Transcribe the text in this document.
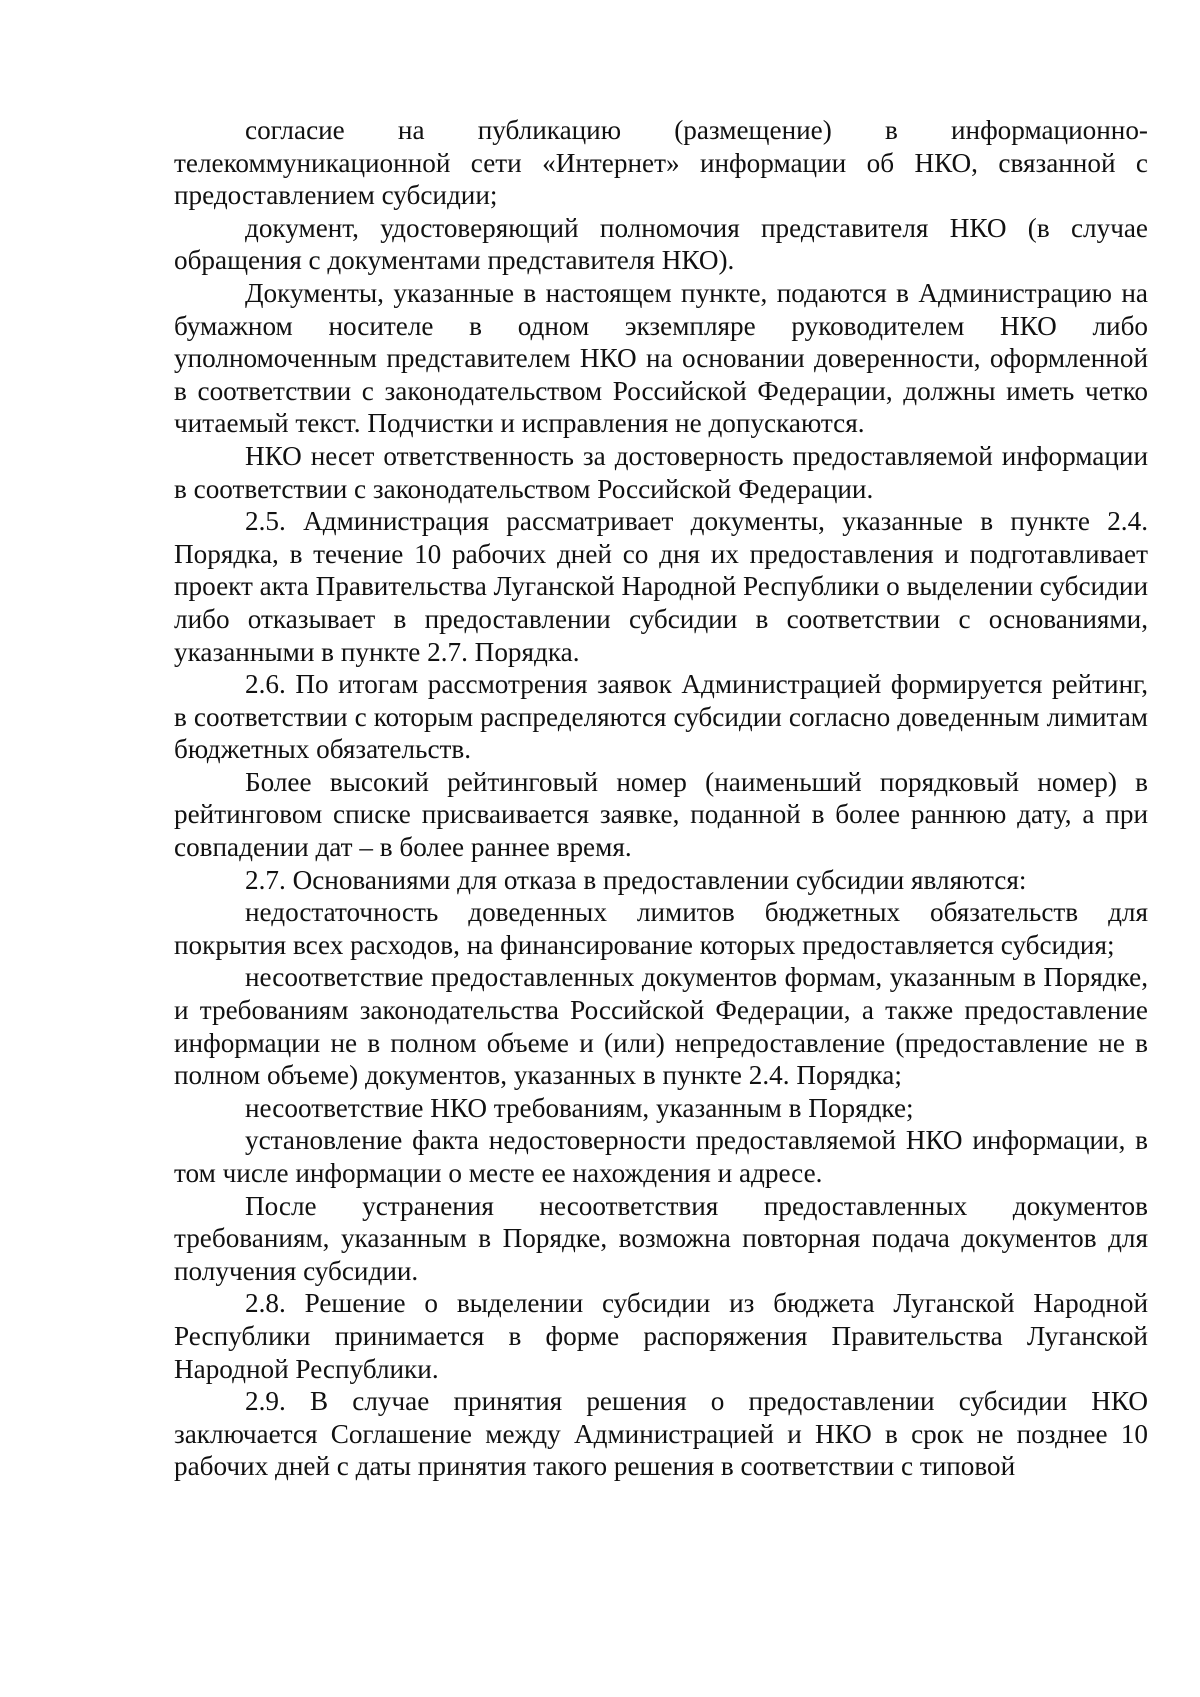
согласие на публикацию (размещение) в информационно-телекоммуникационной сети «Интернет» информации об НКО, связанной с предоставлением субсидии;

документ, удостоверяющий полномочия представителя НКО (в случае обращения с документами представителя НКО).

Документы, указанные в настоящем пункте, подаются в Администрацию на бумажном носителе в одном экземпляре руководителем НКО либо уполномоченным представителем НКО на основании доверенности, оформленной в соответствии с законодательством Российской Федерации, должны иметь четко читаемый текст. Подчистки и исправления не допускаются.

НКО несет ответственность за достоверность предоставляемой информации в соответствии с законодательством Российской Федерации.

2.5. Администрация рассматривает документы, указанные в пункте 2.4. Порядка, в течение 10 рабочих дней со дня их предоставления и подготавливает проект акта Правительства Луганской Народной Республики о выделении субсидии либо отказывает в предоставлении субсидии в соответствии с основаниями, указанными в пункте 2.7. Порядка.

2.6. По итогам рассмотрения заявок Администрацией формируется рейтинг, в соответствии с которым распределяются субсидии согласно доведенным лимитам бюджетных обязательств.

Более высокий рейтинговый номер (наименьший порядковый номер) в рейтинговом списке присваивается заявке, поданной в более раннюю дату, а при совпадении дат – в более раннее время.

2.7. Основаниями для отказа в предоставлении субсидии являются:

недостаточность доведенных лимитов бюджетных обязательств для покрытия всех расходов, на финансирование которых предоставляется субсидия;

несоответствие предоставленных документов формам, указанным в Порядке, и требованиям законодательства Российской Федерации, а также предоставление информации не в полном объеме и (или) непредоставление (предоставление не в полном объеме) документов, указанных в пункте 2.4. Порядка;

несоответствие НКО требованиям, указанным в Порядке;

установление факта недостоверности предоставляемой НКО информации, в том числе информации о месте ее нахождения и адресе.

После устранения несоответствия предоставленных документов требованиям, указанным в Порядке, возможна повторная подача документов для получения субсидии.

2.8. Решение о выделении субсидии из бюджета Луганской Народной Республики принимается в форме распоряжения Правительства Луганской Народной Республики.

2.9. В случае принятия решения о предоставлении субсидии НКО заключается Соглашение между Администрацией и НКО в срок не позднее 10 рабочих дней с даты принятия такого решения в соответствии с типовой
